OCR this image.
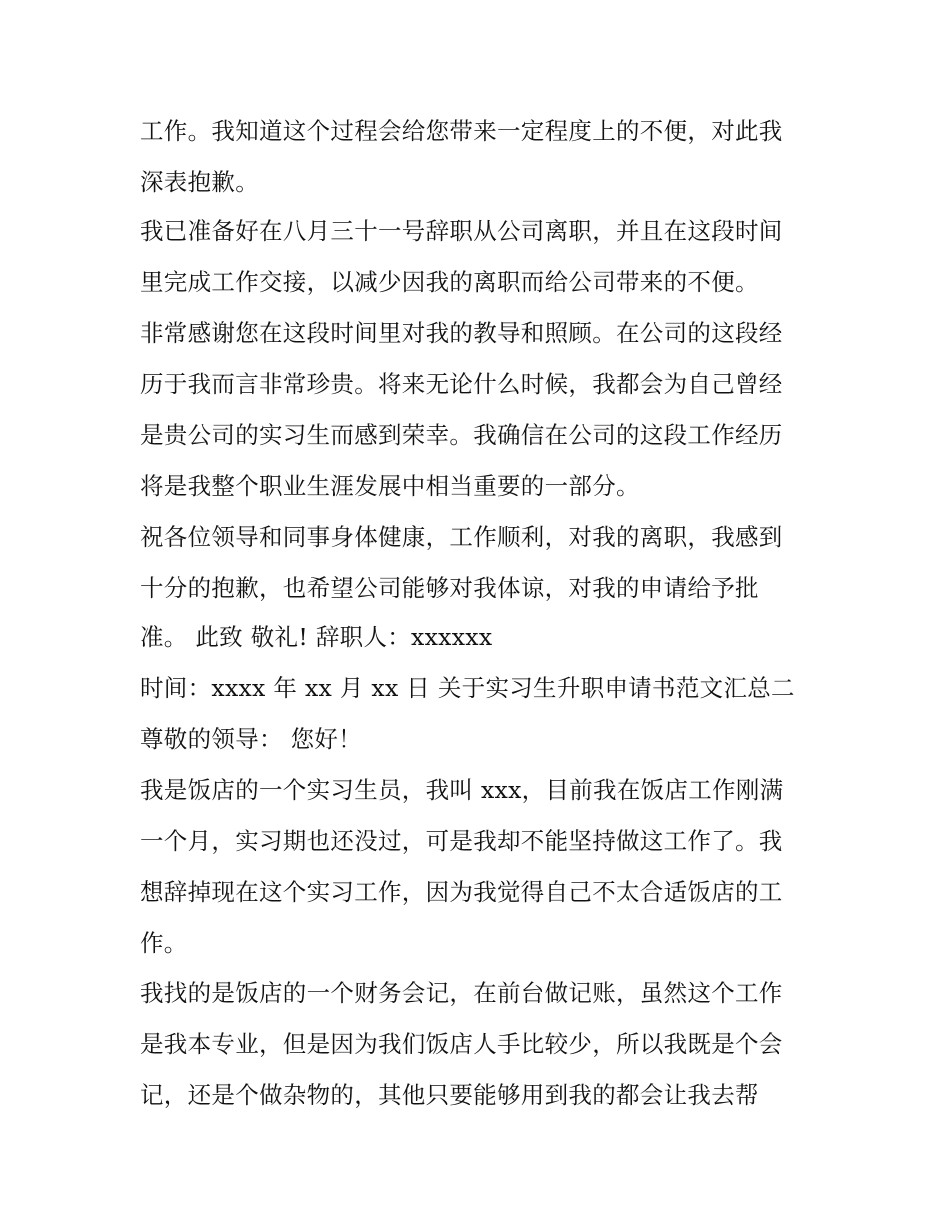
工作。我知道这个过程会给您带来一定程度上的不便，对此我
深表抱歉。
我已准备好在八月三十一号辞职从公司离职，并且在这段时间
里完成工作交接，以减少因我的离职而给公司带来的不便。
非常感谢您在这段时间里对我的教导和照顾。在公司的这段经
历于我而言非常珍贵。将来无论什么时候，我都会为自己曾经
是贵公司的实习生而感到荣幸。我确信在公司的这段工作经历
将是我整个职业生涯发展中相当重要的一部分。
祝各位领导和同事身体健康，工作顺利，对我的离职，我感到
十分的抱歉，也希望公司能够对我体谅，对我的申请给予批
准。 此致 敬礼! 辞职人：xxxxxx
时间：xxxx 年 xx 月 xx 日 关于实习生升职申请书范文汇总二
尊敬的领导： 您好！
我是饭店的一个实习生员，我叫 xxx，目前我在饭店工作刚满
一个月，实习期也还没过，可是我却不能坚持做这工作了。我
想辞掉现在这个实习工作，因为我觉得自己不太合适饭店的工
作。
我找的是饭店的一个财务会记，在前台做记账，虽然这个工作
是我本专业，但是因为我们饭店人手比较少，所以我既是个会
记，还是个做杂物的，其他只要能够用到我的都会让我去帮
